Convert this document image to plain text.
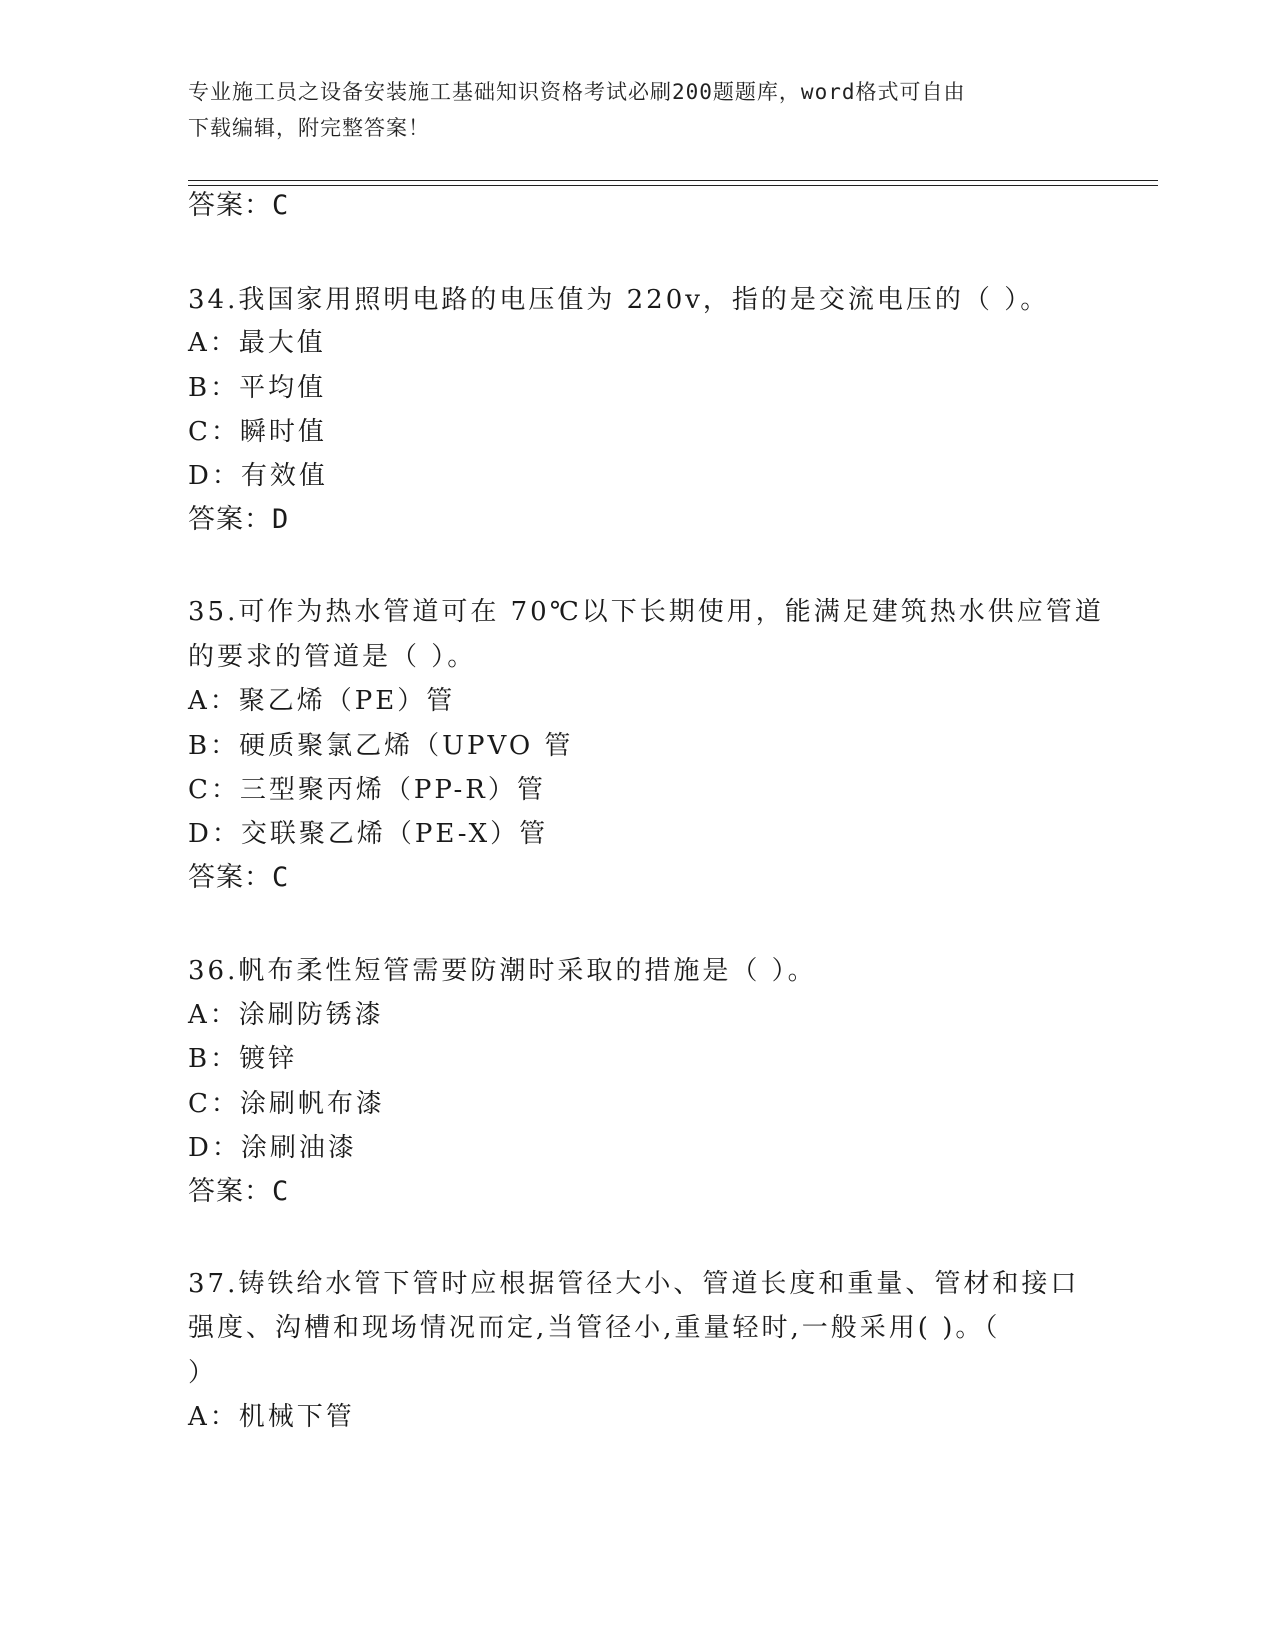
专业施工员之设备安装施工基础知识资格考试必刷200题题库，word格式可自由
下载编辑，附完整答案！
答案：C
34.我国家用照明电路的电压值为 220v，指的是交流电压的（ ）。
A：最大值
B：平均值
C：瞬时值
D：有效值
答案：D
35.可作为热水管道可在 70℃以下长期使用，能满足建筑热水供应管道
的要求的管道是（ ）。
A：聚乙烯（PE）管
B：硬质聚氯乙烯（UPVO 管
C：三型聚丙烯（PP-R）管
D：交联聚乙烯（PE-X）管
答案：C
36.帆布柔性短管需要防潮时采取的措施是（ ）。
A：涂刷防锈漆
B：镀锌
C：涂刷帆布漆
D：涂刷油漆
答案：C
37.铸铁给水管下管时应根据管径大小、管道长度和重量、管材和接口
强度、沟槽和现场情况而定,当管径小,重量轻时,一般采用( )。（
）
A：机械下管
